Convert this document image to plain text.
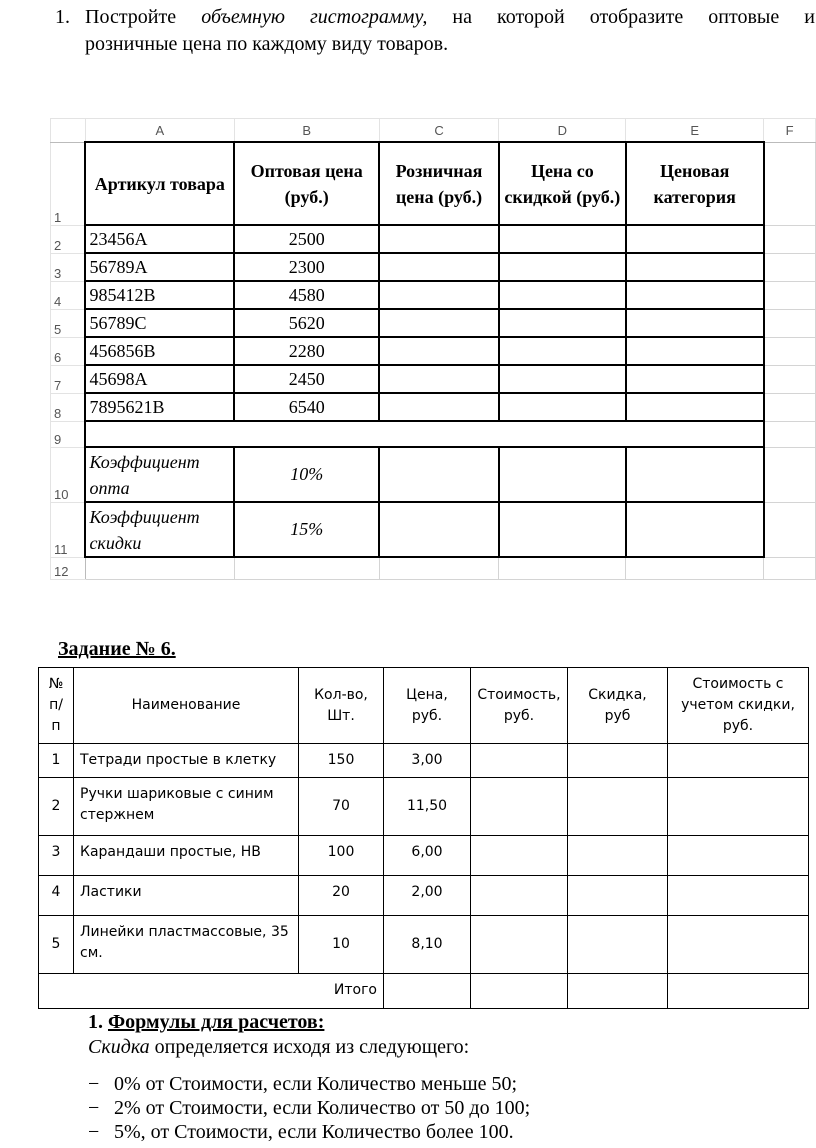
1. Постройте объемную гистограмму, на которой отобразите оптовые и
розничные цена по каждому виду товаров.
	A	B	C	D	E	F
1	Артикул товара	Оптовая цена (руб.)	Розничная цена (руб.)	Цена со скидкой (руб.)	Ценовая категория	
2	23456A	2500				
3	56789A	2300				
4	985412B	4580				
5	56789C	5620				
6	456856B	2280				
7	45698A	2450				
8	7895621B	6540				
9						
10	Коэффициент опта	10%				
11	Коэффициент скидки	15%				
12						
Задание № 6.
№ п/п	Наименование	Кол-во, Шт.	Цена, руб.	Стоимость, руб.	Скидка, руб	Стоимость с учетом скидки, руб.
1	Тетради простые в клетку	150	3,00			
2	Ручки шариковые с синим стержнем	70	11,50			
3	Карандаши простые, НВ	100	6,00			
4	Ластики	20	2,00			
5	Линейки пластмассовые, 35 см.	10	8,10			
Итого						
1. Формулы для расчетов:
Скидка определяется исходя из следующего:
− 0% от Стоимости, если Количество меньше 50;
− 2% от Стоимости, если Количество от 50 до 100;
− 5%, от Стоимости, если Количество более 100.
